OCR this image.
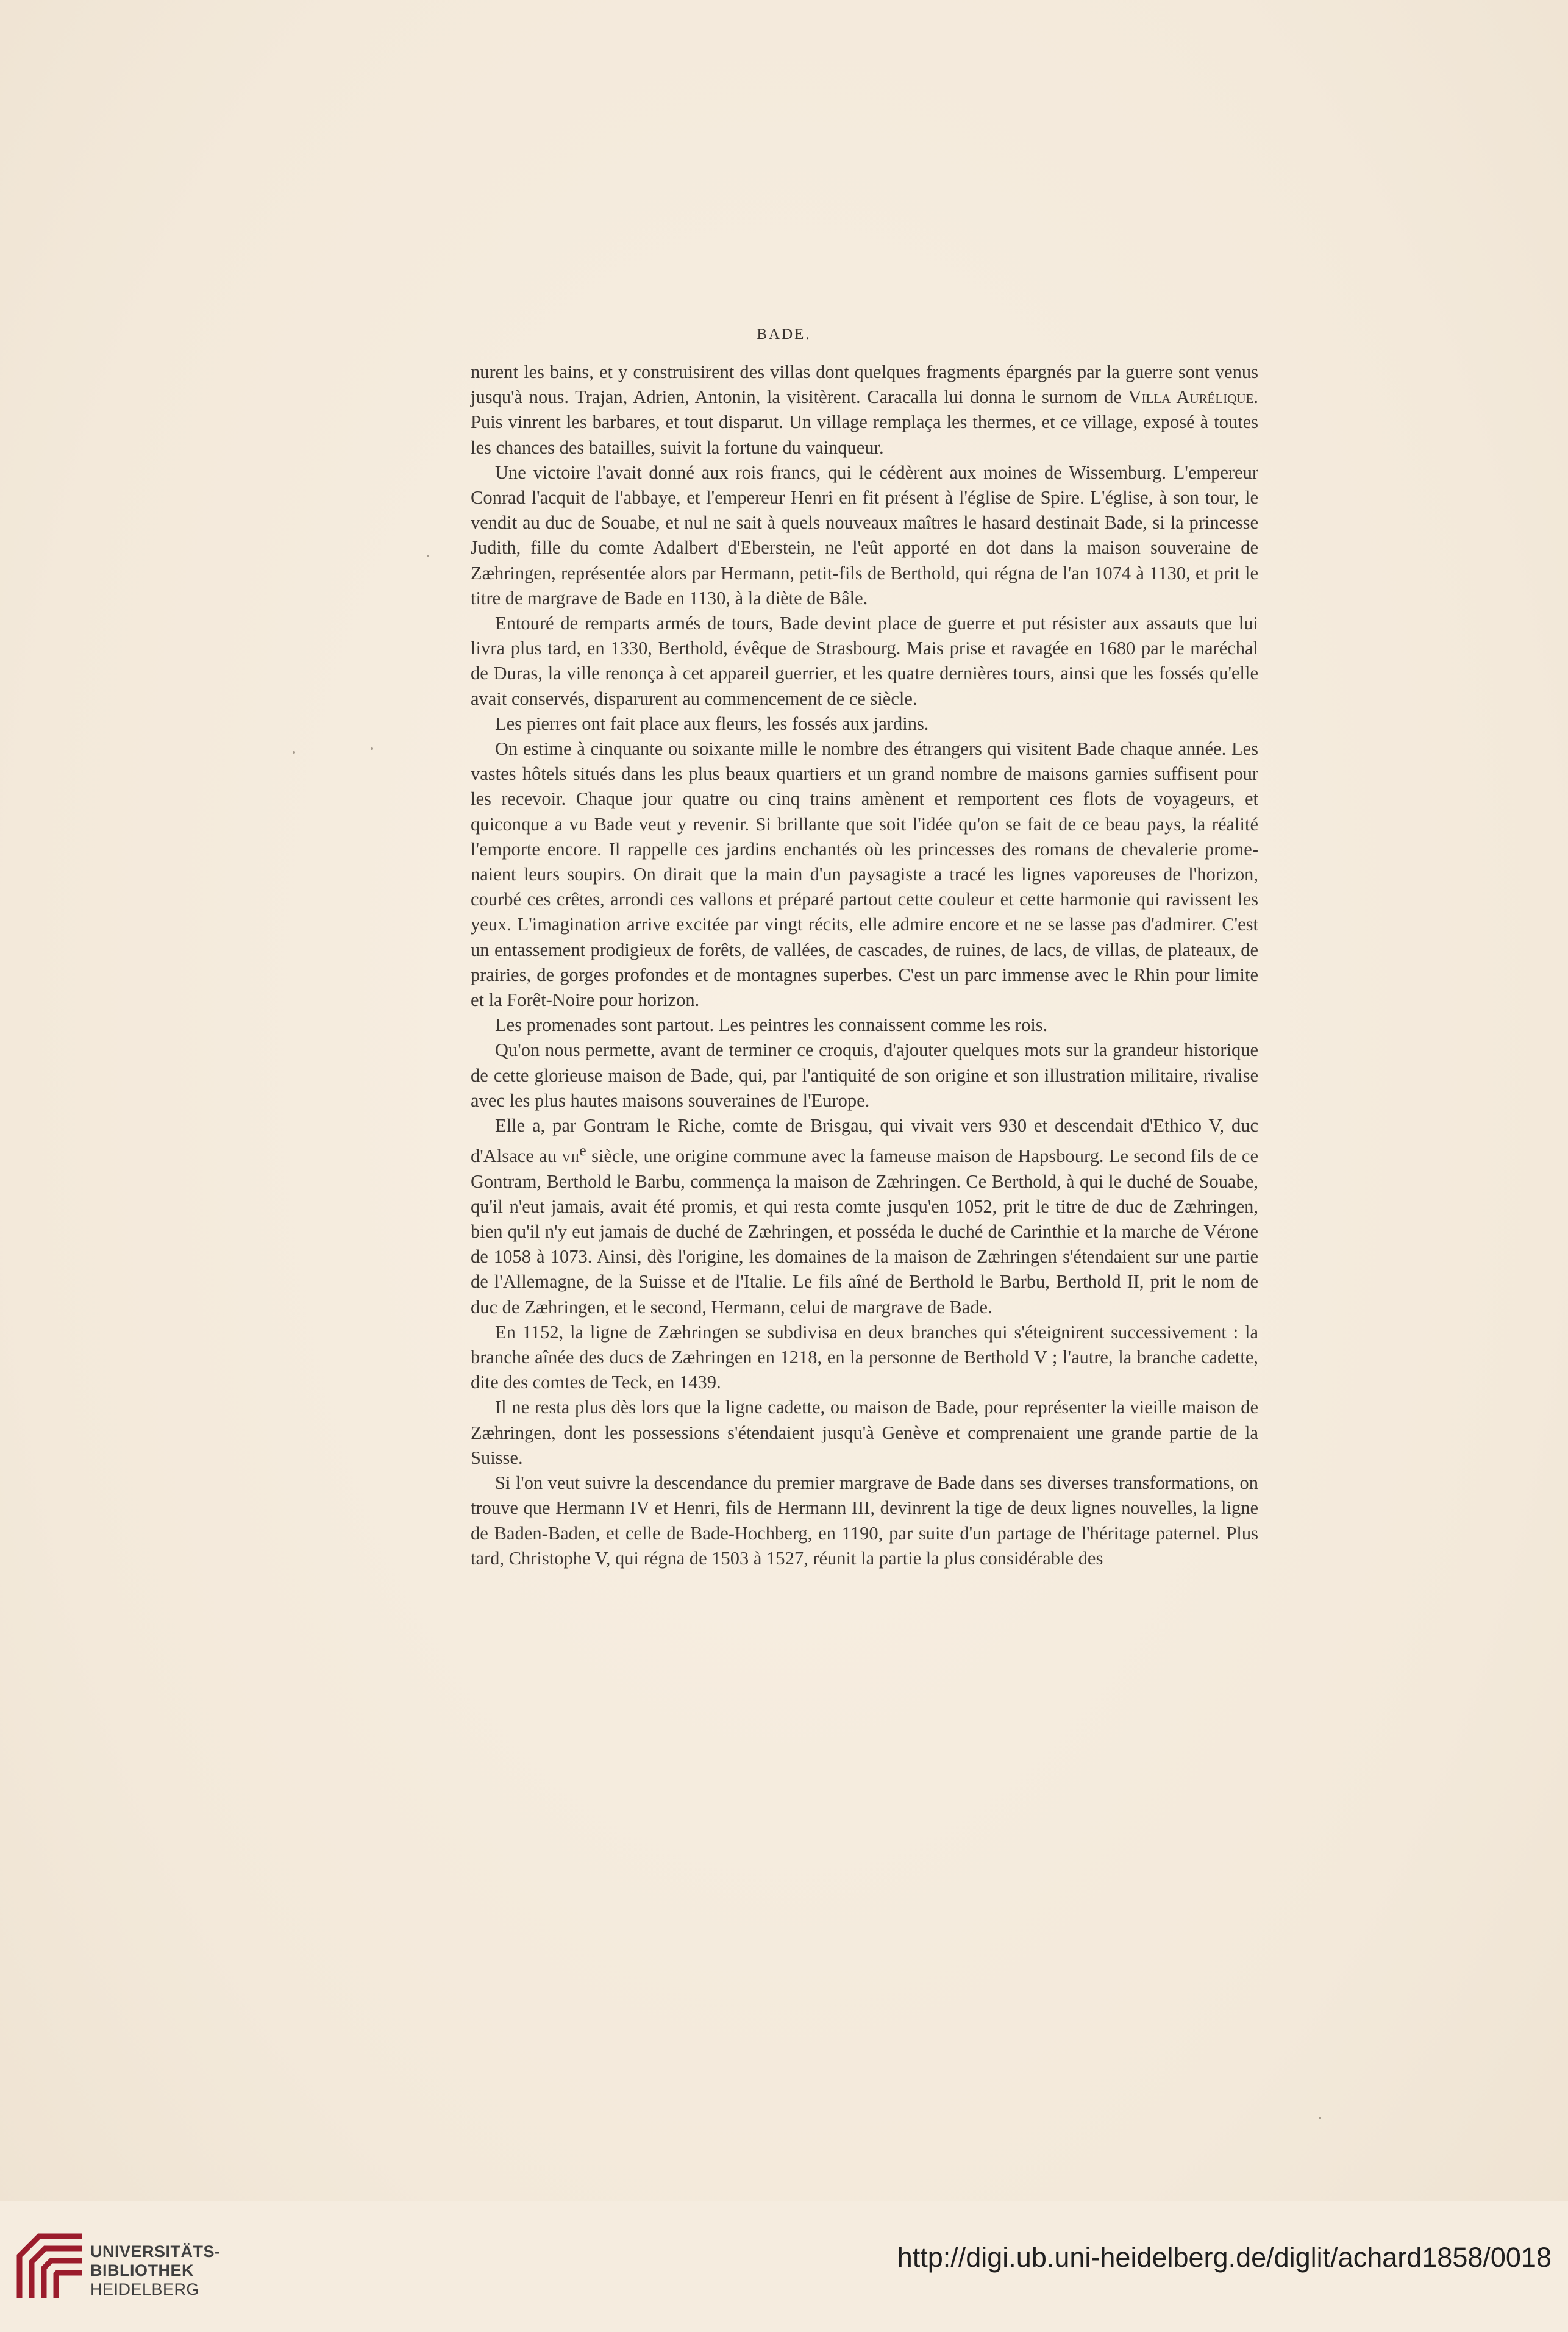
BADE.

nurent les bains, et y construisirent des villas dont quelques fragments épargnés par la guerre sont venus jusqu'à nous. Trajan, Adrien, Antonin, la visitèrent. Caracalla lui donna le surnom de Villa Aurélique. Puis vinrent les barbares, et tout disparut. Un village remplaça les thermes, et ce village, exposé à toutes les chances des batailles, suivit la fortune du vainqueur.

Une victoire l'avait donné aux rois francs, qui le cédèrent aux moines de Wissemburg. L'empereur Conrad l'acquit de l'abbaye, et l'empereur Henri en fit présent à l'église de Spire. L'église, à son tour, le vendit au duc de Souabe, et nul ne sait à quels nouveaux maîtres le hasard destinait Bade, si la princesse Judith, fille du comte Adalbert d'Eberstein, ne l'eût apporté en dot dans la maison souveraine de Zæhringen, représentée alors par Hermann, petit-fils de Berthold, qui régna de l'an 1074 à 1130, et prit le titre de margrave de Bade en 1130, à la diète de Bâle.

Entouré de remparts armés de tours, Bade devint place de guerre et put résister aux assauts que lui livra plus tard, en 1330, Berthold, évêque de Strasbourg. Mais prise et ravagée en 1680 par le maréchal de Duras, la ville renonça à cet appareil guerrier, et les quatre dernières tours, ainsi que les fossés qu'elle avait conservés, disparurent au commencement de ce siècle.

Les pierres ont fait place aux fleurs, les fossés aux jardins.

On estime à cinquante ou soixante mille le nombre des étrangers qui visitent Bade chaque année. Les vastes hôtels situés dans les plus beaux quartiers et un grand nombre de maisons garnies suffisent pour les recevoir. Chaque jour quatre ou cinq trains amènent et remportent ces flots de voyageurs, et quiconque a vu Bade veut y revenir. Si brillante que soit l'idée qu'on se fait de ce beau pays, la réalité l'emporte encore. Il rappelle ces jardins enchantés où les princesses des romans de chevalerie promenaient leurs soupirs. On dirait que la main d'un paysagiste a tracé les lignes vaporeuses de l'horizon, courbé ces crêtes, arrondi ces vallons et préparé partout cette couleur et cette harmonie qui ravissent les yeux. L'imagination arrive excitée par vingt récits, elle admire encore et ne se lasse pas d'admirer. C'est un entassement prodigieux de forêts, de vallées, de cascades, de ruines, de lacs, de villas, de plateaux, de prairies, de gorges profondes et de montagnes superbes. C'est un parc immense avec le Rhin pour limite et la Forêt-Noire pour horizon.

Les promenades sont partout. Les peintres les connaissent comme les rois.

Qu'on nous permette, avant de terminer ce croquis, d'ajouter quelques mots sur la grandeur historique de cette glorieuse maison de Bade, qui, par l'antiquité de son origine et son illustration militaire, rivalise avec les plus hautes maisons souveraines de l'Europe.

Elle a, par Gontram le Riche, comte de Brisgau, qui vivait vers 930 et descendait d'Ethico V, duc d'Alsace au vii$^e$ siècle, une origine commune avec la fameuse maison de Hapsbourg. Le second fils de ce Gontram, Berthold le Barbu, commença la maison de Zæhringen. Ce Berthold, à qui le duché de Souabe, qu'il n'eut jamais, avait été promis, et qui resta comte jusqu'en 1052, prit le titre de duc de Zæhringen, bien qu'il n'y eut jamais de duché de Zæhringen, et posséda le duché de Carinthie et la marche de Vérone de 1058 à 1073. Ainsi, dès l'origine, les domaines de la maison de Zæhringen s'étendaient sur une partie de l'Allemagne, de la Suisse et de l'Italie. Le fils aîné de Berthold le Barbu, Berthold II, prit le nom de duc de Zæhringen, et le second, Hermann, celui de margrave de Bade.

En 1152, la ligne de Zæhringen se subdivisa en deux branches qui s'éteignirent successivement : la branche aînée des ducs de Zæhringen en 1218, en la personne de Berthold V ; l'autre, la branche cadette, dite des comtes de Teck, en 1439.

Il ne resta plus dès lors que la ligne cadette, ou maison de Bade, pour représenter la vieille maison de Zæhringen, dont les possessions s'étendaient jusqu'à Genève et comprenaient une grande partie de la Suisse.

Si l'on veut suivre la descendance du premier margrave de Bade dans ses diverses transformations, on trouve que Hermann IV et Henri, fils de Hermann III, devinrent la tige de deux lignes nouvelles, la ligne de Baden-Baden, et celle de Bade-Hochberg, en 1190, par suite d'un partage de l'héritage paternel. Plus tard, Christophe V, qui régna de 1503 à 1527, réunit la partie la plus considérable des

UNIVERSITÄTS-
BIBLIOTHEK
HEIDELBERG
http://digi.ub.uni-heidelberg.de/diglit/achard1858/0018
